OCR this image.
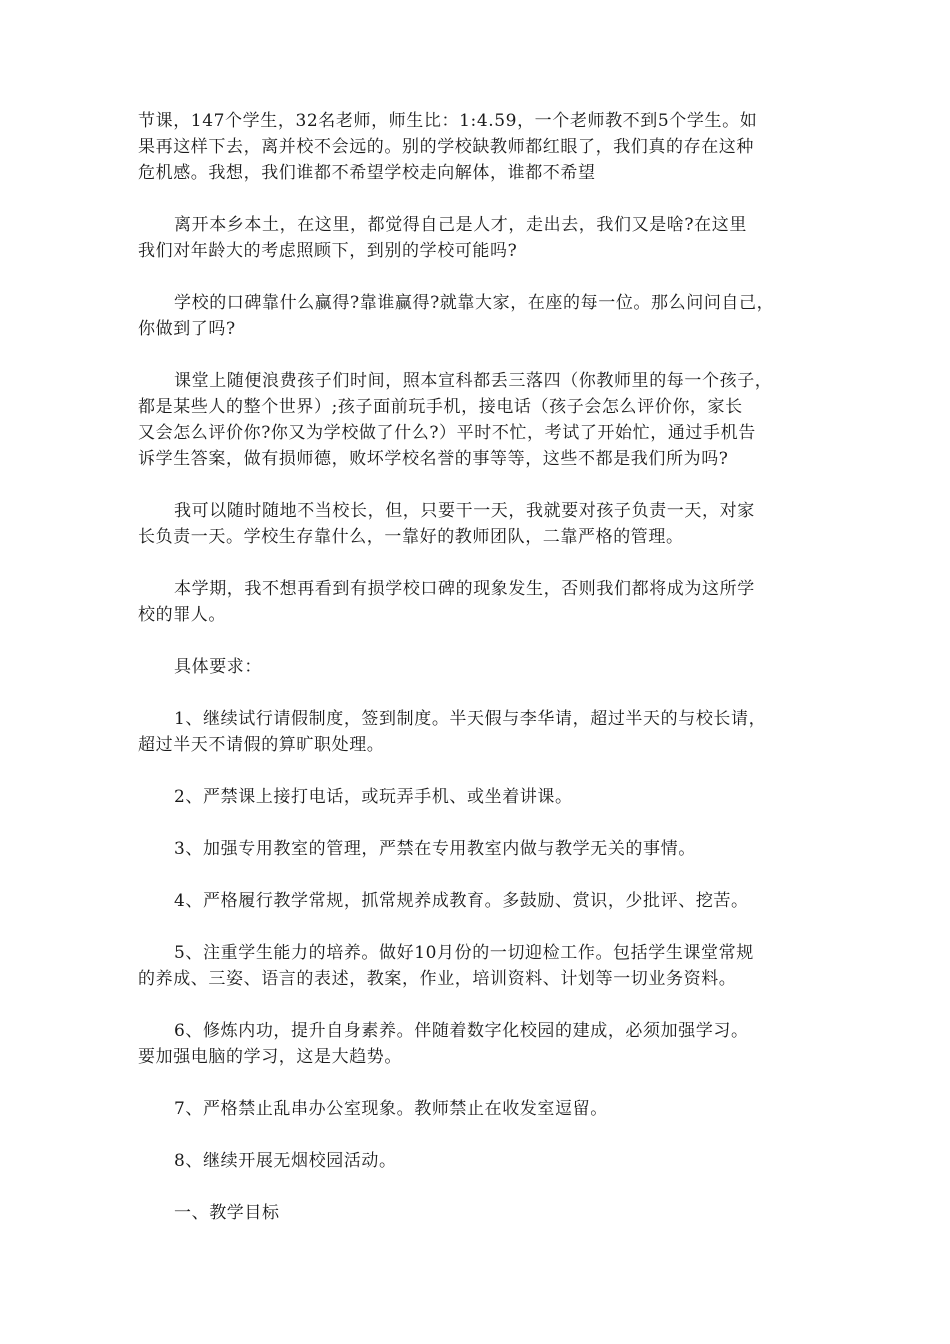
节课，147个学生，32名老师，师生比：1:4.59，一个老师教不到5个学生。如
果再这样下去，离并校不会远的。别的学校缺教师都红眼了，我们真的存在这种
危机感。我想，我们谁都不希望学校走向解体，谁都不希望
离开本乡本土，在这里，都觉得自己是人才，走出去，我们又是啥?在这里
我们对年龄大的考虑照顾下，到别的学校可能吗?
学校的口碑靠什么赢得?靠谁赢得?就靠大家，在座的每一位。那么问问自己，
你做到了吗?
课堂上随便浪费孩子们时间，照本宣科都丢三落四（你教师里的每一个孩子，
都是某些人的整个世界）;孩子面前玩手机，接电话（孩子会怎么评价你，家长
又会怎么评价你?你又为学校做了什么?）平时不忙，考试了开始忙，通过手机告
诉学生答案，做有损师德，败坏学校名誉的事等等，这些不都是我们所为吗?
我可以随时随地不当校长，但，只要干一天，我就要对孩子负责一天，对家
长负责一天。学校生存靠什么，一靠好的教师团队，二靠严格的管理。
本学期，我不想再看到有损学校口碑的现象发生，否则我们都将成为这所学
校的罪人。
具体要求：
1、继续试行请假制度，签到制度。半天假与李华请，超过半天的与校长请，
超过半天不请假的算旷职处理。
2、严禁课上接打电话，或玩弄手机、或坐着讲课。
3、加强专用教室的管理，严禁在专用教室内做与教学无关的事情。
4、严格履行教学常规，抓常规养成教育。多鼓励、赏识，少批评、挖苦。
5、注重学生能力的培养。做好10月份的一切迎检工作。包括学生课堂常规
的养成、三姿、语言的表述，教案，作业，培训资料、计划等一切业务资料。
6、修炼内功，提升自身素养。伴随着数字化校园的建成，必须加强学习。
要加强电脑的学习，这是大趋势。
7、严格禁止乱串办公室现象。教师禁止在收发室逗留。
8、继续开展无烟校园活动。
一、教学目标
